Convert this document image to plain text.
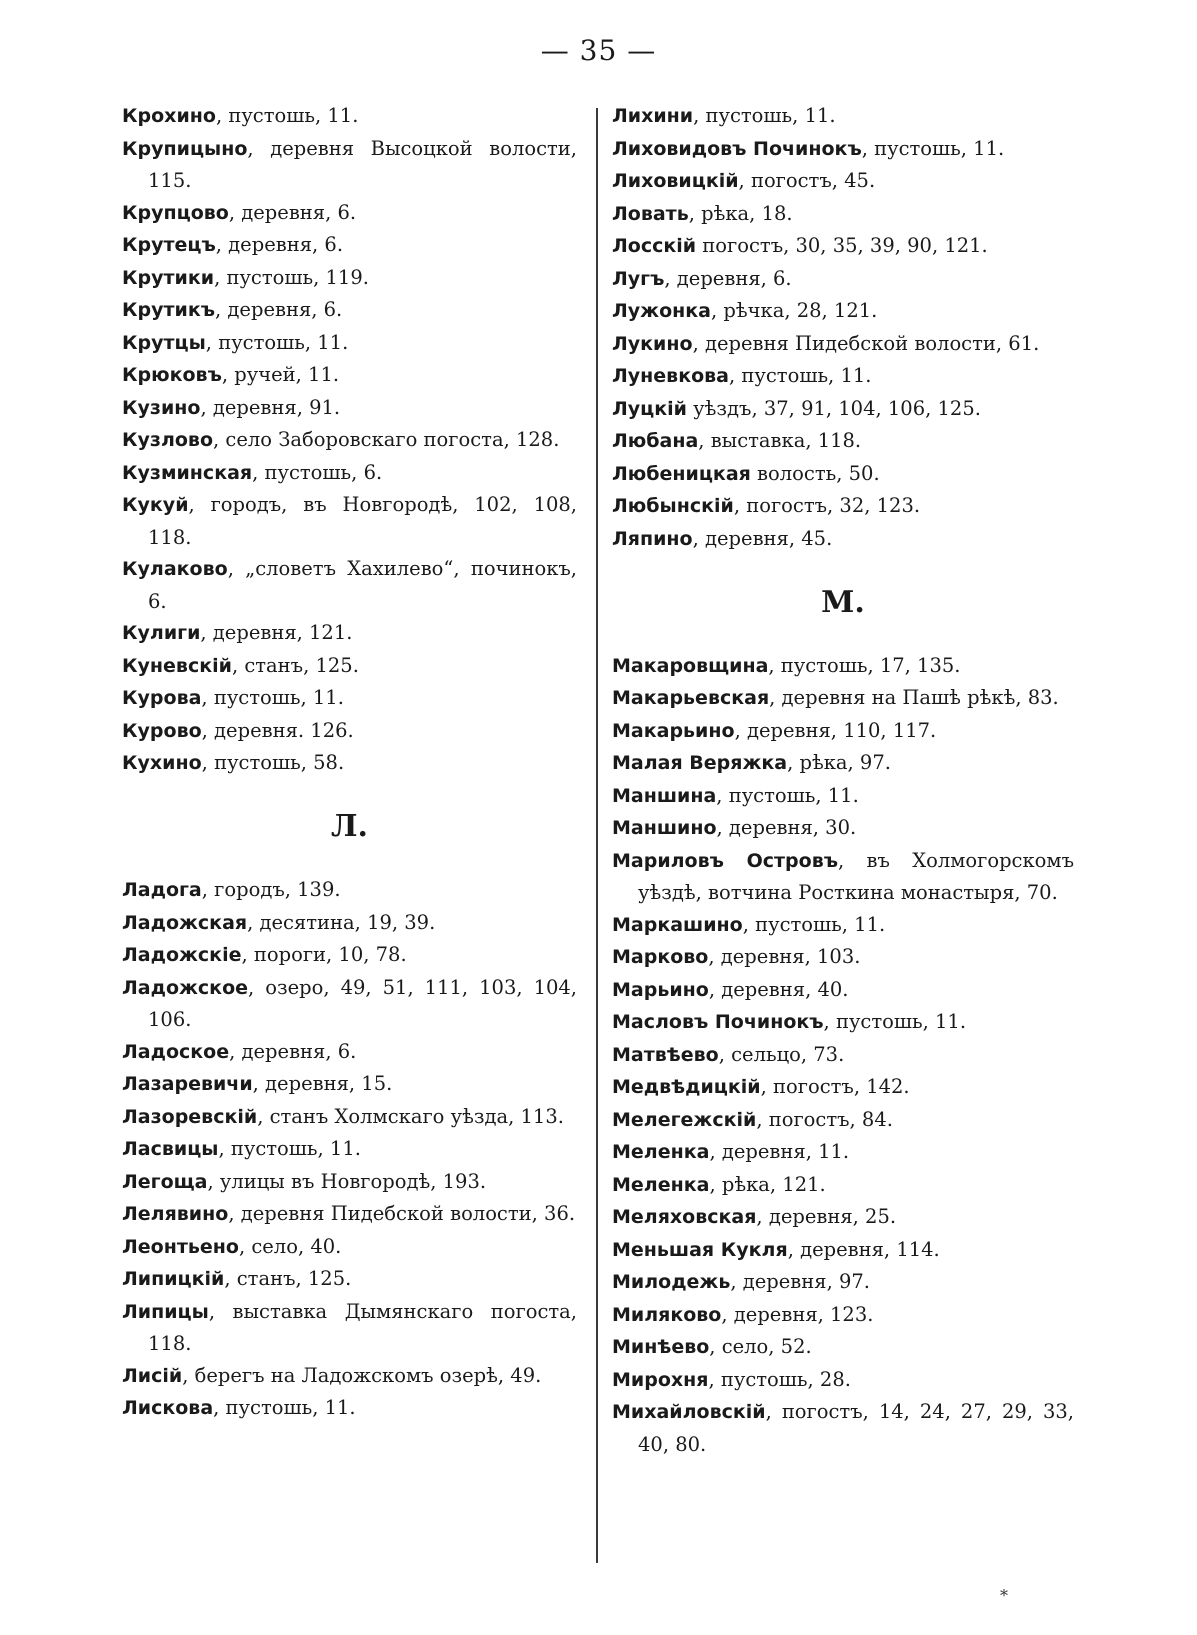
— 35 —
Крохино, пустошь, 11.
Крупицыно, деревня Высоцкой волости, 115.
Крупцово, деревня, 6.
Крутецъ, деревня, 6.
Крутики, пустошь, 119.
Крутикъ, деревня, 6.
Крутцы, пустошь, 11.
Крюковъ, ручей, 11.
Кузино, деревня, 91.
Кузлово, село Заборовскаго погоста, 128.
Кузминская, пустошь, 6.
Кукуй, городъ, въ Новгородѣ, 102, 108, 118.
Кулаково, „словетъ Хахилево“, починокъ, 6.
Кулиги, деревня, 121.
Куневскій, станъ, 125.
Курова, пустошь, 11.
Курово, деревня. 126.
Кухино, пустошь, 58.
Л.
Ладога, городъ, 139.
Ладожская, десятина, 19, 39.
Ладожскіе, пороги, 10, 78.
Ладожское, озеро, 49, 51, 111, 103, 104, 106.
Ладоское, деревня, 6.
Лазаревичи, деревня, 15.
Лазоревскій, станъ Холмскаго уѣзда, 113.
Ласвицы, пустошь, 11.
Легоща, улицы въ Новгородѣ, 193.
Лелявино, деревня Пидебской волости, 36.
Леонтьено, село, 40.
Липицкій, станъ, 125.
Липицы, выставка Дымянскаго погоста, 118.
Лисій, берегъ на Ладожскомъ озерѣ, 49.
Лискова, пустошь, 11.
Лихини, пустошь, 11.
Лиховидовъ Починокъ, пустошь, 11.
Лиховицкій, погостъ, 45.
Ловать, рѣка, 18.
Лосскій погостъ, 30, 35, 39, 90, 121.
Лугъ, деревня, 6.
Лужонка, рѣчка, 28, 121.
Лукино, деревня Пидебской волости, 61.
Луневкова, пустошь, 11.
Луцкій уѣздъ, 37, 91, 104, 106, 125.
Любана, выставка, 118.
Любеницкая волость, 50.
Любынскій, погостъ, 32, 123.
Ляпино, деревня, 45.
М.
Макаровщина, пустошь, 17, 135.
Макарьевская, деревня на Пашѣ рѣкѣ, 83.
Макарьино, деревня, 110, 117.
Малая Веряжка, рѣка, 97.
Маншина, пустошь, 11.
Маншино, деревня, 30.
Мариловъ Островъ, въ Холмогорскомъ уѣздѣ, вотчина Росткина монастыря, 70.
Маркашино, пустошь, 11.
Марково, деревня, 103.
Марьино, деревня, 40.
Масловъ Починокъ, пустошь, 11.
Матвѣево, сельцо, 73.
Медвѣдицкій, погостъ, 142.
Мелегежскій, погостъ, 84.
Меленка, деревня, 11.
Меленка, рѣка, 121.
Меляховская, деревня, 25.
Меньшая Кукля, деревня, 114.
Милодежь, деревня, 97.
Миляково, деревня, 123.
Минѣево, село, 52.
Мирохня, пустошь, 28.
Михайловскій, погостъ, 14, 24, 27, 29, 33, 40, 80.
*
